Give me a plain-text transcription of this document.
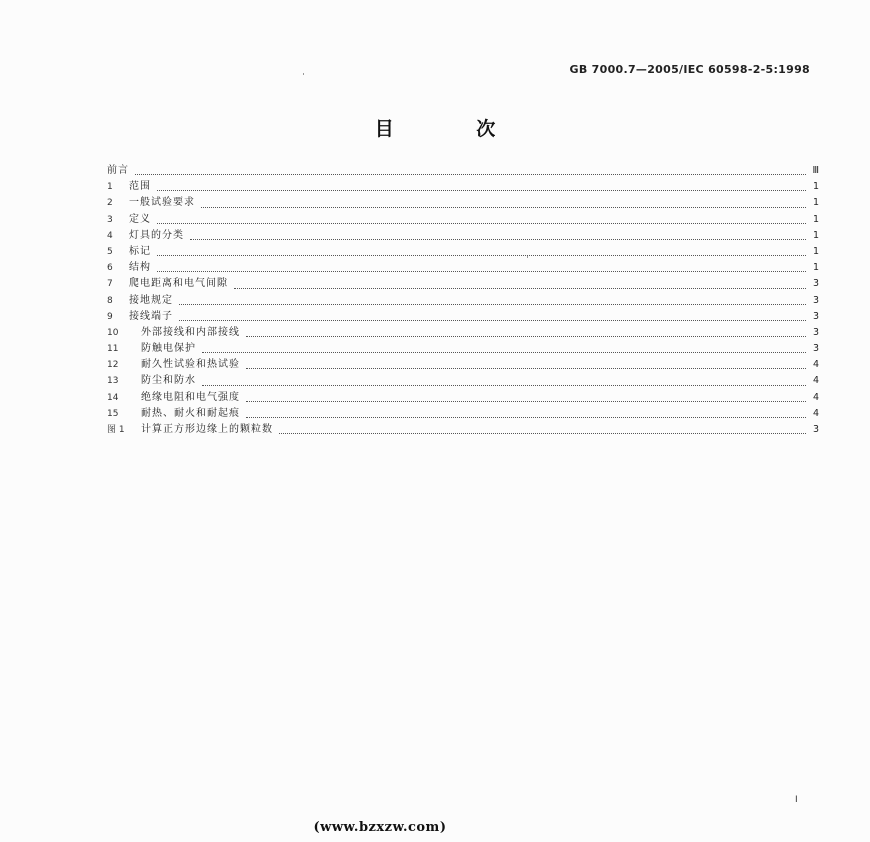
GB 7000.7—2005/IEC 60598-2-5:1998
目 次
前言	Ⅲ
1	范围	1
2	一般试验要求	1
3	定义	1
4	灯具的分类	1
5	标记	1
6	结构	1
7	爬电距离和电气间隙	3
8	接地规定	3
9	接线端子	3
10	外部接线和内部接线	3
11	防触电保护	3
12	耐久性试验和热试验	4
13	防尘和防水	4
14	绝缘电阻和电气强度	4
15	耐热、耐火和耐起痕	4
图 1	计算正方形边缘上的颗粒数	3
I
(www.bzxzw.com)
